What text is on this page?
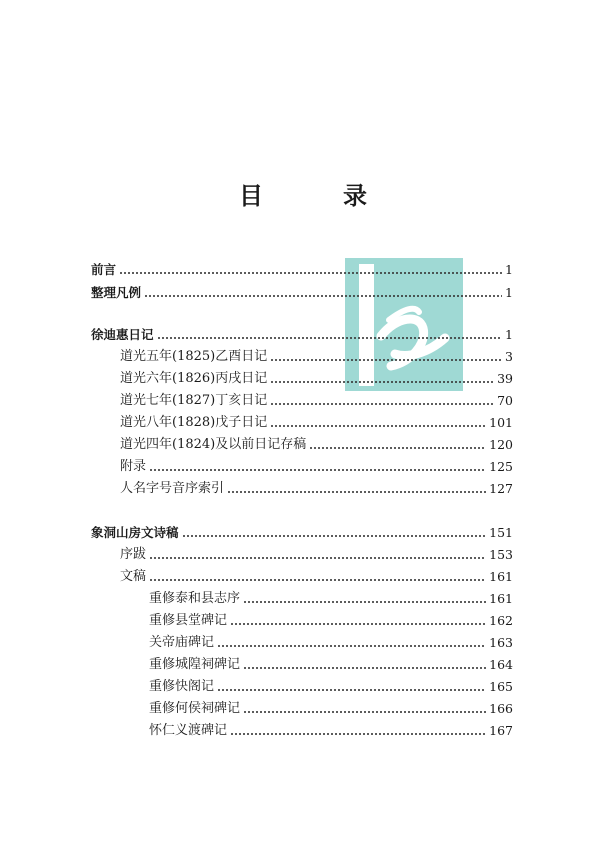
目　录
前言	1
整理凡例	1
徐迪惠日记	1
道光五年(1825)乙酉日记	3
道光六年(1826)丙戌日记	39
道光七年(1827)丁亥日记	70
道光八年(1828)戊子日记	101
道光四年(1824)及以前日记存稿	120
附录	125
人名字号音序索引	127
象洞山房文诗稿	151
序跋	153
文稿	161
重修泰和县志序	161
重修县堂碑记	162
关帝庙碑记	163
重修城隍祠碑记	164
重修快阁记	165
重修何侯祠碑记	166
怀仁义渡碑记	167
